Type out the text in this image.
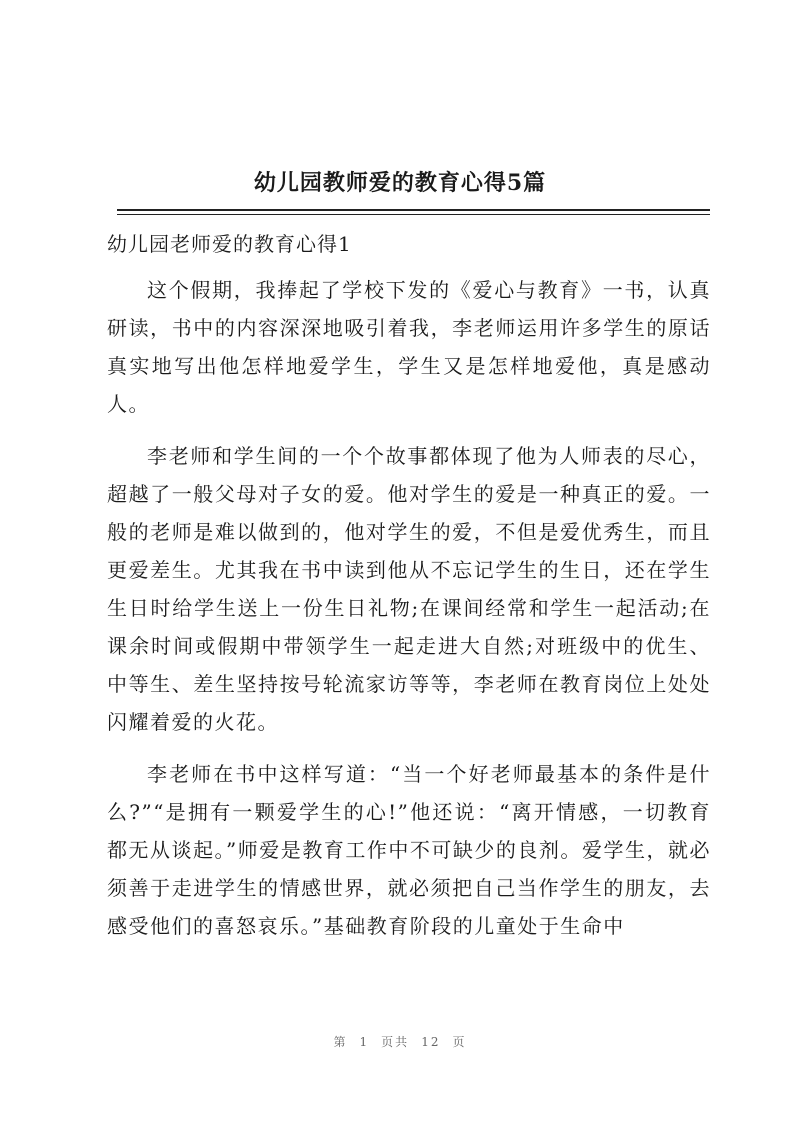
幼儿园教师爱的教育心得5篇
幼儿园老师爱的教育心得1

这个假期，我捧起了学校下发的《爱心与教育》一书，认真研读，书中的内容深深地吸引着我，李老师运用许多学生的原话真实地写出他怎样地爱学生，学生又是怎样地爱他，真是感动人。

李老师和学生间的一个个故事都体现了他为人师表的尽心，超越了一般父母对子女的爱。他对学生的爱是一种真正的爱。一般的老师是难以做到的，他对学生的爱，不但是爱优秀生，而且更爱差生。尤其我在书中读到他从不忘记学生的生日，还在学生生日时给学生送上一份生日礼物;在课间经常和学生一起活动;在课余时间或假期中带领学生一起走进大自然;对班级中的优生、中等生、差生坚持按号轮流家访等等，李老师在教育岗位上处处闪耀着爱的火花。

李老师在书中这样写道：“当一个好老师最基本的条件是什么?”“是拥有一颗爱学生的心!”他还说：“离开情感，一切教育都无从谈起。”师爱是教育工作中不可缺少的良剂。爱学生，就必须善于走进学生的情感世界，就必须把自己当作学生的朋友，去感受他们的喜怒哀乐。”基础教育阶段的儿童处于生命中

第 1 页共 12 页
